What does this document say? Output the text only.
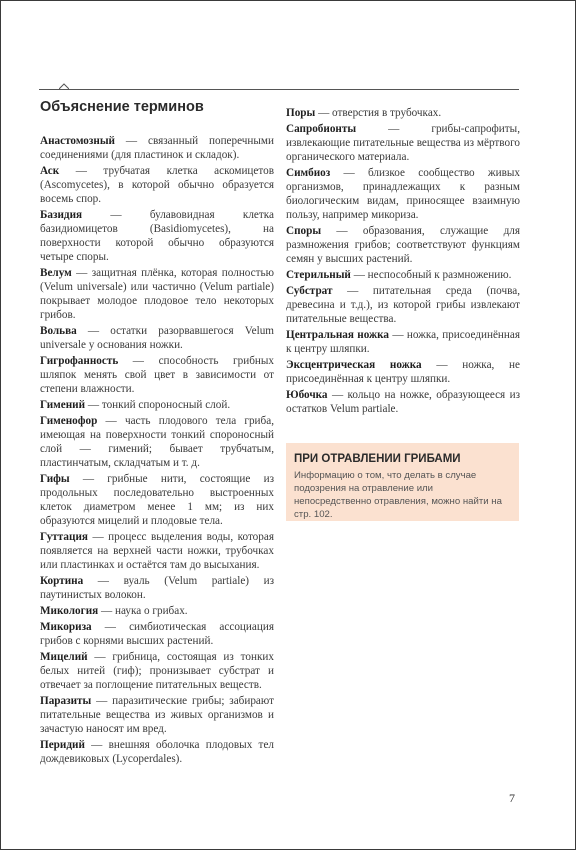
Объяснение терминов

Анастомозный — связанный поперечными соединениями (для пластинок и складок).

Аск — трубчатая клетка аскомицетов (Ascomycetes), в которой обычно образуется восемь спор.

Базидия — булавовидная клетка базидиомицетов (Basidiomycetes), на поверхности которой обычно образуются четыре споры.

Велум — защитная плёнка, которая полностью (Velum universale) или частично (Velum partiale) покрывает молодое плодовое тело некоторых грибов.

Вольва — остатки разорвавшегося Velum universale у основания ножки.

Гигрофанность — способность грибных шляпок менять свой цвет в зависимости от степени влажности.

Гимений — тонкий спороносный слой.

Гименофор — часть плодового тела гриба, имеющая на поверхности тонкий спороносный слой — гимений; бывает трубчатым, пластинчатым, складчатым и т. д.

Гифы — грибные нити, состоящие из продольных последовательно выстроенных клеток диаметром менее 1 мм; из них образуются мицелий и плодовые тела.

Гуттация — процесс выделения воды, которая появляется на верхней части ножки, трубочках или пластинках и остаётся там до высыхания.

Кортина — вуаль (Velum partiale) из паутинистых волокон.

Микология — наука о грибах.

Микориза — симбиотическая ассоциация грибов с корнями высших растений.

Мицелий — грибница, состоящая из тонких белых нитей (гиф); пронизывает субстрат и отвечает за поглощение питательных веществ.

Паразиты — паразитические грибы; забирают питательные вещества из живых организмов и зачастую наносят им вред.

Перидий — внешняя оболочка плодовых тел дождевиковых (Lycoperdales).

Поры — отверстия в трубочках.

Сапробионты — грибы-сапрофиты, извлекающие питательные вещества из мёртвого органического материала.

Симбиоз — близкое сообщество живых организмов, принадлежащих к разным биологическим видам, приносящее взаимную пользу, например микориза.

Споры — образования, служащие для размножения грибов; соответствуют функциям семян у высших растений.

Стерильный — неспособный к размножению.

Субстрат — питательная среда (почва, древесина и т.д.), из которой грибы извлекают питательные вещества.

Центральная ножка — ножка, присоединённая к центру шляпки.

Эксцентрическая ножка — ножка, не присоединённая к центру шляпки.

Юбочка — кольцо на ножке, образующееся из остатков Velum partiale.

ПРИ ОТРАВЛЕНИИ ГРИБАМИ

Информацию о том, что делать в случае подозрения на отравление или непосредственно отравления, можно найти на стр. 102.

7
